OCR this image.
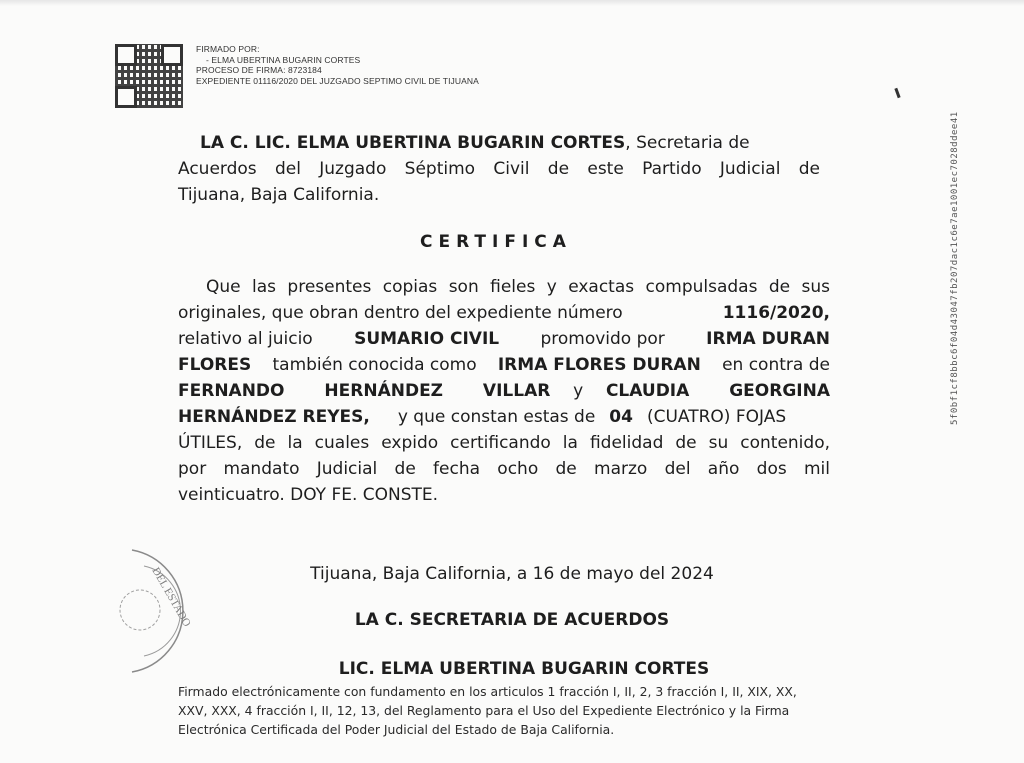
FIRMADO POR:
- ELMA UBERTINA BUGARIN CORTES
PROCESO DE FIRMA: 8723184
EXPEDIENTE 01116/2020 DEL JUZGADO SEPTIMO CIVIL DE TIJUANA
5f0bf1cf8bbc6f04d43047fb207dac1c6e7ae1001ec7028ddee41
LA C. LIC. ELMA UBERTINA BUGARIN CORTES, Secretaria de
Acuerdos del Juzgado Séptimo Civil de este Partido Judicial de
Tijuana, Baja California.
CERTIFICA
Que las presentes copias son fieles y exactas compulsadas de sus
originales, que obran dentro del expediente número	1116/2020,
relativo al juicio SUMARIO CIVIL promovido por IRMA DURAN
FLORES también conocida como IRMA FLORES DURAN en contra de
FERNANDO HERNÁNDEZ VILLAR y CLAUDIA GEORGINA
HERNÁNDEZ REYES, y que constan estas de 04 (CUATRO) FOJAS
ÚTILES, de la cuales expido certificando la fidelidad de su contenido,
por mandato Judicial de fecha ocho de marzo del año dos mil
veinticuatro. DOY FE. CONSTE.
DEL ESTADO	Tijuana, Baja California, a 16 de mayo del 2024
LA C. SECRETARIA DE ACUERDOS
LIC. ELMA UBERTINA BUGARIN CORTES
Firmado electrónicamente con fundamento en los articulos 1 fracción I, II, 2, 3 fracción I, II, XIX, XX,
XXV, XXX, 4 fracción I, II, 12, 13, del Reglamento para el Uso del Expediente Electrónico y la Firma
Electrónica Certificada del Poder Judicial del Estado de Baja California.
